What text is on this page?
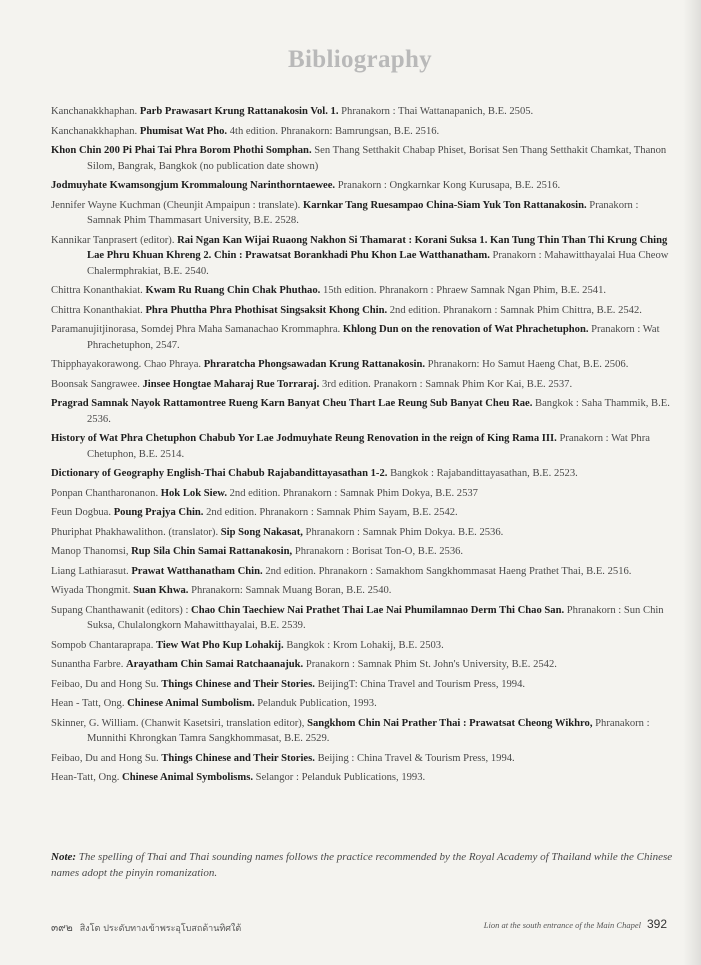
Bibliography
Kanchanakkhaphan. Parb Prawasart Krung Rattanakosin Vol. 1. Phranakorn : Thai Wattanapanich, B.E. 2505.
Kanchanakkhaphan. Phumisat Wat Pho. 4th edition. Phranakorn: Bamrungsan, B.E. 2516.
Khon Chin 200 Pi Phai Tai Phra Borom Phothi Somphan. Sen Thang Setthakit Chabap Phiset, Borisat Sen Thang Setthakit Chamkat, Thanon Silom, Bangrak, Bangkok (no publication date shown)
Jodmuyhate Kwamsongjum Krommaloung Narinthorntaewee. Pranakorn : Ongkarnkar Kong Kurusapa, B.E. 2516.
Jennifer Wayne Kuchman (Cheunjit Ampaipun : translate). Karnkar Tang Ruesampao China-Siam Yuk Ton Rattanakosin. Pranakorn : Samnak Phim Thammasart University, B.E. 2528.
Kannikar Tanprasert (editor). Rai Ngan Kan Wijai Ruaong Nakhon Si Thamarat : Korani Suksa 1. Kan Tung Thin Than Thi Krung Ching Lae Phru Khuan Khreng 2. Chin : Prawatsat Borankhadi Phu Khon Lae Watthanatham. Pranakorn : Mahawitthayalai Hua Cheow Chalermphrakiat, B.E. 2540.
Chittra Konanthakiat. Kwam Ru Ruang Chin Chak Phuthao. 15th edition. Phranakorn : Phraew Samnak Ngan Phim, B.E. 2541.
Chittra Konanthakiat. Phra Phuttha Phra Phothisat Singsaksit Khong Chin. 2nd edition. Phranakorn : Samnak Phim Chittra, B.E. 2542.
Paramanujitjinorasa, Somdej Phra Maha Samanachao Krommaphra. Khlong Dun on the renovation of Wat Phrachetuphon. Pranakorn : Wat Phrachetuphon, 2547.
Thipphayakorawong. Chao Phraya. Phraratcha Phongsawadan Krung Rattanakosin. Phranakorn: Ho Samut Haeng Chat, B.E. 2506.
Boonsak Sangrawee. Jinsee Hongtae Maharaj Rue Torraraj. 3rd edition. Pranakorn : Samnak Phim Kor Kai, B.E. 2537.
Pragrad Samnak Nayok Rattamontree Rueng Karn Banyat Cheu Thart Lae Reung Sub Banyat Cheu Rae. Bangkok : Saha Thammik, B.E. 2536.
History of Wat Phra Chetuphon Chabub Yor Lae Jodmuyhate Reung Renovation in the reign of King Rama III. Pranakorn : Wat Phra Chetuphon, B.E. 2514.
Dictionary of Geography English-Thai Chabub Rajabandittayasathan 1-2. Bangkok : Rajabandittayasathan, B.E. 2523.
Ponpan Chantharonanon. Hok Lok Siew. 2nd edition. Phranakorn : Samnak Phim Dokya, B.E. 2537
Feun Dogbua. Poung Prajya Chin. 2nd edition. Phranakorn : Samnak Phim Sayam, B.E. 2542.
Phuriphat Phakhawalithon. (translator). Sip Song Nakasat, Phranakorn : Samnak Phim Dokya. B.E. 2536.
Manop Thanomsi, Rup Sila Chin Samai Rattanakosin, Phranakorn : Borisat Ton-O, B.E. 2536.
Liang Lathiarasut. Prawat Watthanatham Chin. 2nd edition. Phranakorn : Samakhom Sangkhommasat Haeng Prathet Thai, B.E. 2516.
Wiyada Thongmit. Suan Khwa. Phranakorn: Samnak Muang Boran, B.E. 2540.
Supang Chanthawanit (editors) : Chao Chin Taechiew Nai Prathet Thai Lae Nai Phumilamnao Derm Thi Chao San. Phranakorn : Sun Chin Suksa, Chulalongkorn Mahawitthayalai, B.E. 2539.
Sompob Chantaraprapa. Tiew Wat Pho Kup Lohakij. Bangkok : Krom Lohakij, B.E. 2503.
Sunantha Farbre. Arayatham Chin Samai Ratchaanajuk. Pranakorn : Samnak Phim St. John's University, B.E. 2542.
Feibao, Du and Hong Su. Things Chinese and Their Stories. BeijingT: China Travel and Tourism Press, 1994.
Hean - Tatt, Ong. Chinese Animal Sumbolism. Pelanduk Publication, 1993.
Skinner, G. William. (Chanwit Kasetsiri, translation editor), Sangkhom Chin Nai Prather Thai : Prawatsat Cheong Wikhro, Phranakorn : Munnithi Khrongkan Tamra Sangkhommasat, B.E. 2529.
Feibao, Du and Hong Su. Things Chinese and Their Stories. Beijing : China Travel & Tourism Press, 1994.
Hean-Tatt, Ong. Chinese Animal Symbolisms. Selangor : Pelanduk Publications, 1993.
Note: The spelling of Thai and Thai sounding names follows the practice recommended by the Royal Academy of Thailand while the Chinese names adopt the pinyin romanization.
๓๙๒ สิงโต ประดับทางเข้าพระอุโบสถด้านทิศใต้	Lion at the south entrance of the Main Chapel 392
